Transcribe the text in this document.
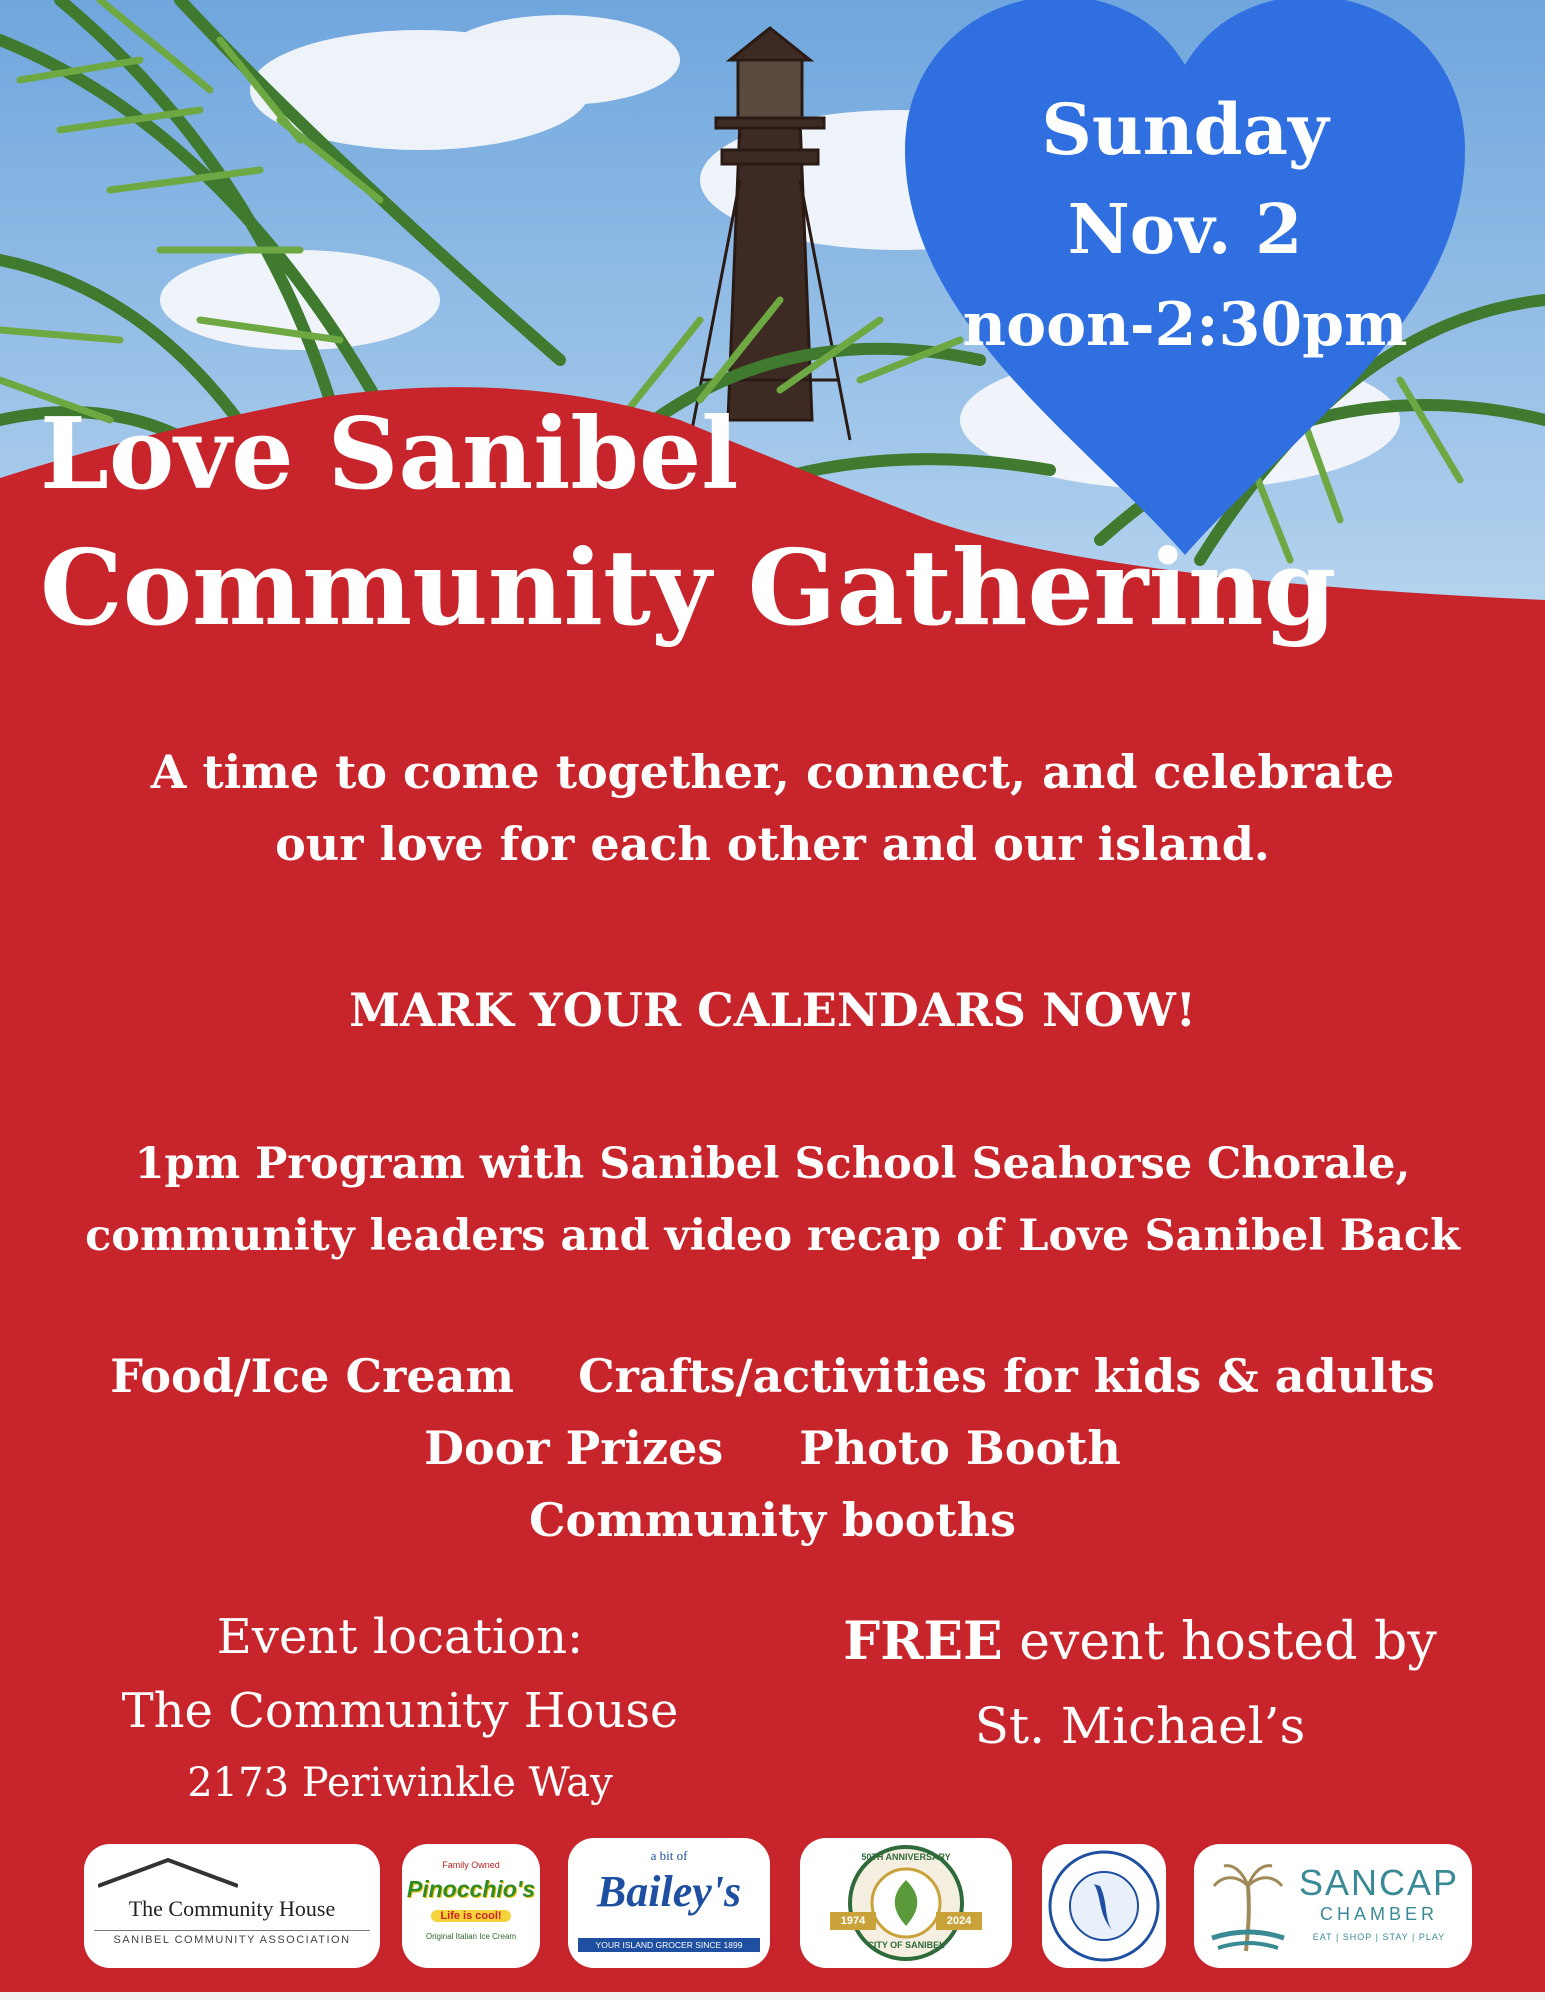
Sunday
Nov. 2
noon-2:30pm
Love Sanibel
Community Gathering
A time to come together, connect, and celebrate
our love for each other and our island.
MARK YOUR CALENDARS NOW!
1pm Program with Sanibel School Seahorse Chorale,
community leaders and video recap of Love Sanibel Back
Food/Ice Cream Crafts/activities for kids & adults
Door Prizes Photo Booth
Community booths
Event location:
The Community House
2173 Periwinkle Way
FREE event hosted by
St. Michael’s
The Community House
SANIBEL COMMUNITY ASSOCIATION
Family Owned
Pinocchio's
Life is cool!
Original Italian Ice Cream
a bit of
Bailey's
YOUR ISLAND GROCER SINCE 1899
50TH ANNIVERSARY
1974	2024
CITY OF SANIBEL
SANCAP
CHAMBER
EAT | SHOP | STAY | PLAY
